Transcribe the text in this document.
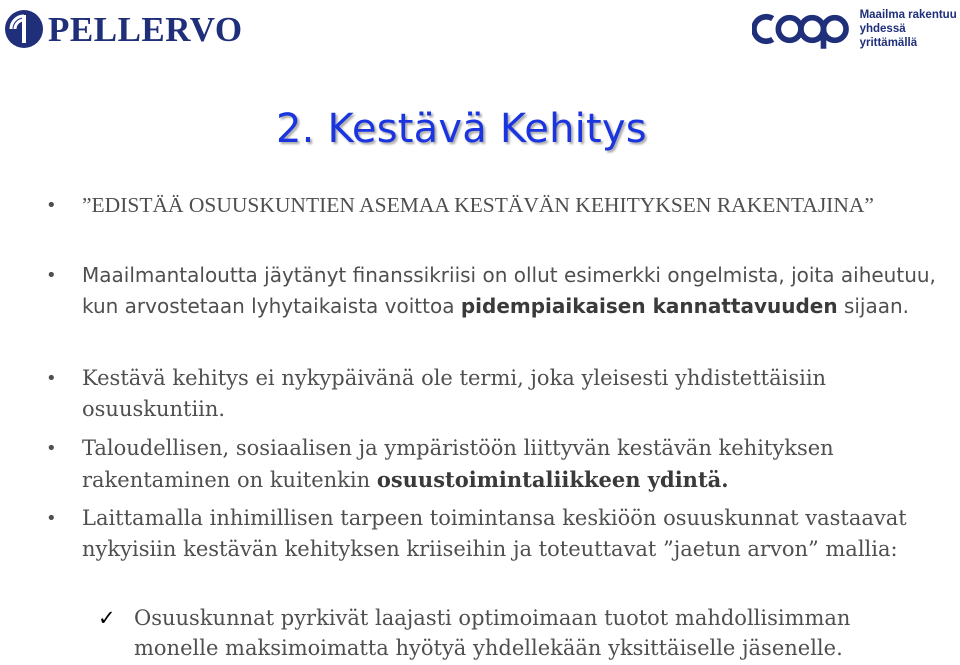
PELLERVO	Maailma rakentuu
yhdessä yrittämällä
2. Kestävä Kehitys
• ”EDISTÄÄ OSUUSKUNTIEN ASEMAA KESTÄVÄN KEHITYKSEN RAKENTAJINA”
• Maailmantaloutta jäytänyt finanssikriisi on ollut esimerkki ongelmista, joita aiheutuu, kun arvostetaan lyhytaikaista voittoa pidempiaikaisen kannattavuuden sijaan.
• Kestävä kehitys ei nykypäivänä ole termi, joka yleisesti yhdistettäisiin osuuskuntiin.
• Taloudellisen, sosiaalisen ja ympäristöön liittyvän kestävän kehityksen rakentaminen on kuitenkin osuustoimintaliikkeen ydintä.
• Laittamalla inhimillisen tarpeen toimintansa keskiöön osuuskunnat vastaavat nykyisiin kestävän kehityksen kriiseihin ja toteuttavat ”jaetun arvon” mallia:
✓ Osuuskunnat pyrkivät laajasti optimoimaan tuotot mahdollisimman monelle maksimoimatta hyötyä yhdellekään yksittäiselle jäsenelle.
